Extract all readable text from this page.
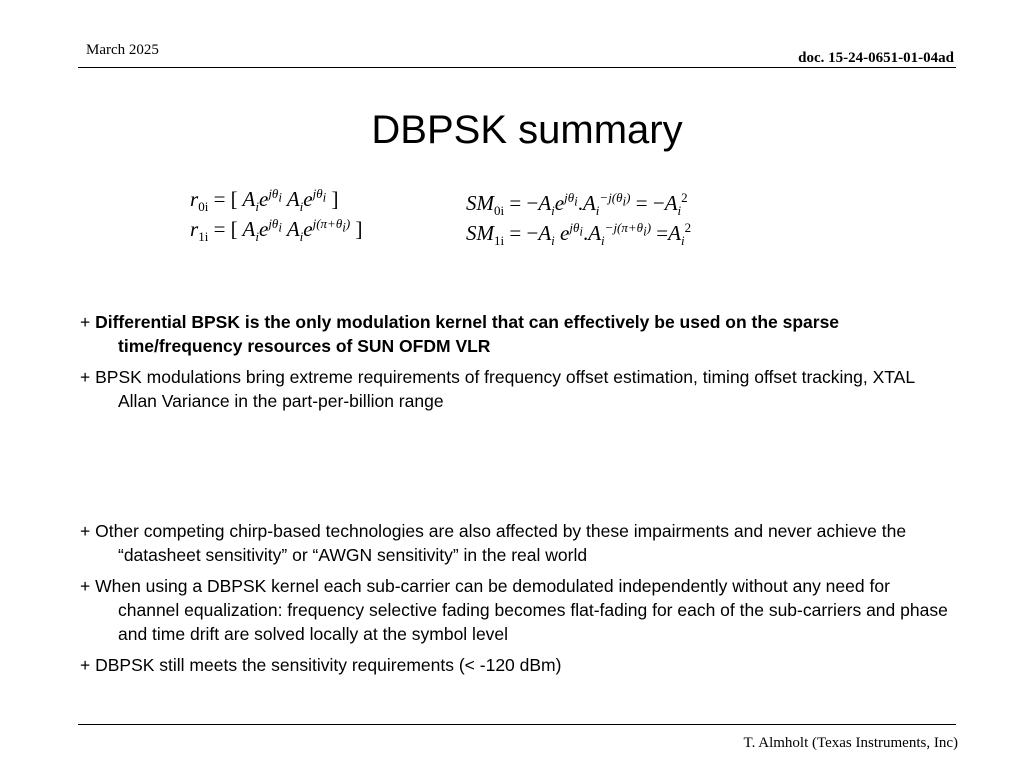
March 2025	doc. 15-24-0651-01-04ad
DBPSK summary
$r_{0i}$ = [ $A_ie^{j\theta_i}$ $A_ie^{j\theta_i}$ ]
$r_{1i}$ = [ $A_ie^{j\theta_i}$ $A_ie^{j(\pi+\theta_i)}$ ]
$SM_{0i} = -A_ie^{j\theta_i}.A_i^{-j(\theta_i)} = -A_i^2$
$SM_{1i} = -A_i$ $e^{j\theta_i}.A_i^{-j(\pi+\theta_i)} =A_i^2$

+ Differential BPSK is the only modulation kernel that can effectively be used on the sparse time/frequency resources of SUN OFDM VLR

+ BPSK modulations bring extreme requirements of frequency offset estimation, timing offset tracking, XTAL Allan Variance in the part-per-billion range

+ Other competing chirp-based technologies are also affected by these impairments and never achieve the “datasheet sensitivity” or “AWGN sensitivity” in the real world

+ When using a DBPSK kernel each sub-carrier can be demodulated independently without any need for channel equalization: frequency selective fading becomes flat-fading for each of the sub-carriers and phase and time drift are solved locally at the symbol level

+ DBPSK still meets the sensitivity requirements (< -120 dBm)

T. Almholt (Texas Instruments, Inc)
